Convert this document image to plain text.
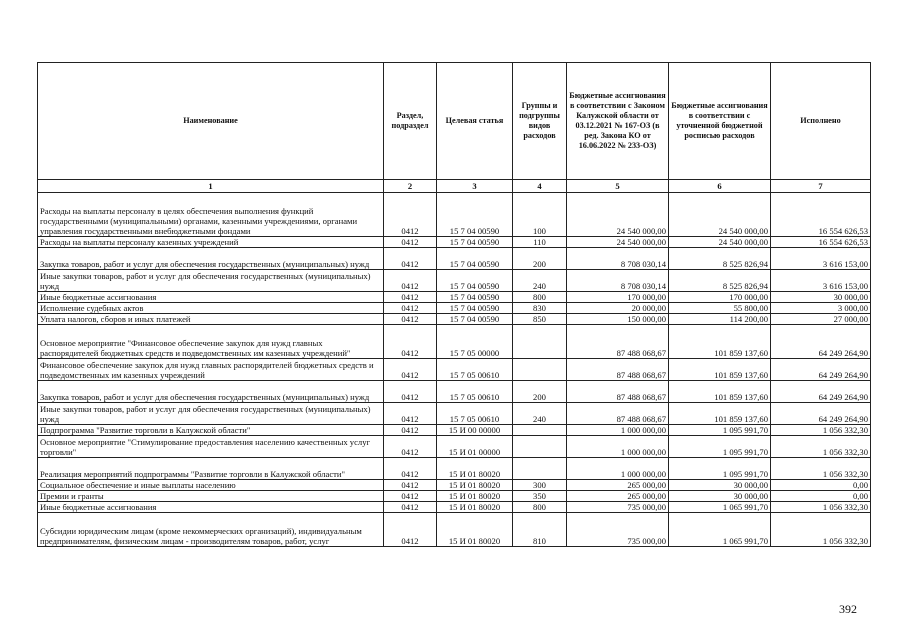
Наименование	Раздел, подраздел	Целевая статья	Группы и подгруппы видов расходов	Бюджетные ассигнования в соответствии с Законом Калужской области от 03.12.2021 № 167-ОЗ (в ред. Закона КО от 16.06.2022 № 233-ОЗ)	Бюджетные ассигнования в соответствии с уточненной бюджетной росписью расходов	Исполнено
1	2	3	4	5	6	7
Расходы на выплаты персоналу в целях обеспечения выполнения функций государственными (муниципальными) органами, казенными учреждениями, органами управления государственными внебюджетными фондами	0412	15 7 04 00590	100	24 540 000,00	24 540 000,00	16 554 626,53
Расходы на выплаты персоналу казенных учреждений	0412	15 7 04 00590	110	24 540 000,00	24 540 000,00	16 554 626,53
Закупка товаров, работ и услуг для обеспечения государственных (муниципальных) нужд	0412	15 7 04 00590	200	8 708 030,14	8 525 826,94	3 616 153,00
Иные закупки товаров, работ и услуг для обеспечения государственных (муниципальных) нужд	0412	15 7 04 00590	240	8 708 030,14	8 525 826,94	3 616 153,00
Иные бюджетные ассигнования	0412	15 7 04 00590	800	170 000,00	170 000,00	30 000,00
Исполнение судебных актов	0412	15 7 04 00590	830	20 000,00	55 800,00	3 000,00
Уплата налогов, сборов и иных платежей	0412	15 7 04 00590	850	150 000,00	114 200,00	27 000,00
Основное мероприятие "Финансовое обеспечение закупок для нужд главных распорядителей бюджетных средств и подведомственных им казенных учреждений"	0412	15 7 05 00000		87 488 068,67	101 859 137,60	64 249 264,90
Финансовое обеспечение закупок для нужд главных распорядителей бюджетных средств и подведомственных им казенных учреждений	0412	15 7 05 00610		87 488 068,67	101 859 137,60	64 249 264,90
Закупка товаров, работ и услуг для обеспечения государственных (муниципальных) нужд	0412	15 7 05 00610	200	87 488 068,67	101 859 137,60	64 249 264,90
Иные закупки товаров, работ и услуг для обеспечения государственных (муниципальных) нужд	0412	15 7 05 00610	240	87 488 068,67	101 859 137,60	64 249 264,90
Подпрограмма "Развитие торговли в Калужской области"	0412	15 И 00 00000		1 000 000,00	1 095 991,70	1 056 332,30
Основное мероприятие "Стимулирование предоставления населению качественных услуг торговли"	0412	15 И 01 00000		1 000 000,00	1 095 991,70	1 056 332,30
Реализация мероприятий подпрограммы "Развитие торговли в Калужской области"	0412	15 И 01 80020		1 000 000,00	1 095 991,70	1 056 332,30
Социальное обеспечение и иные выплаты населению	0412	15 И 01 80020	300	265 000,00	30 000,00	0,00
Премии и гранты	0412	15 И 01 80020	350	265 000,00	30 000,00	0,00
Иные бюджетные ассигнования	0412	15 И 01 80020	800	735 000,00	1 065 991,70	1 056 332,30
Субсидии юридическим лицам (кроме некоммерческих организаций), индивидуальным предпринимателям, физическим лицам - производителям товаров, работ, услуг	0412	15 И 01 80020	810	735 000,00	1 065 991,70	1 056 332,30
392
